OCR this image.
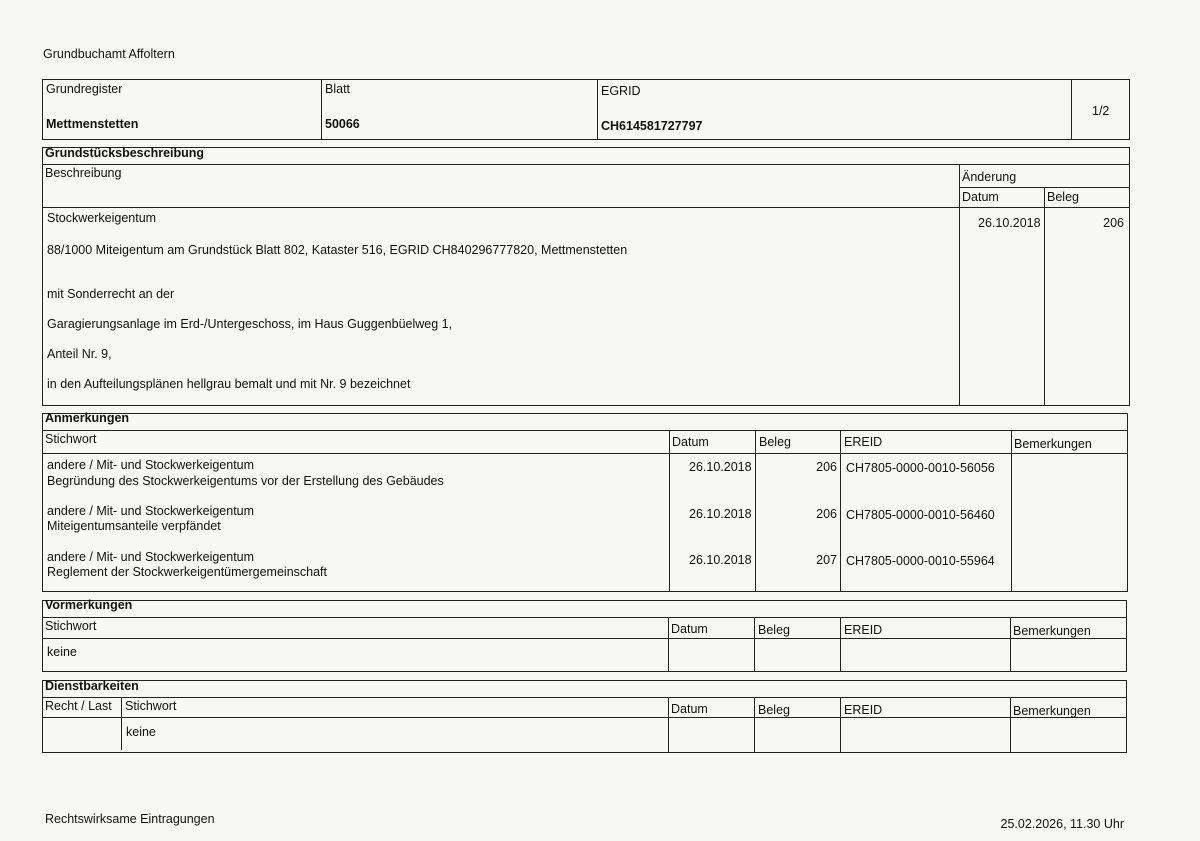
Grundbuchamt Affoltern
Grundregister
Mettmenstetten
Blatt
50066
EGRID
CH614581727797
1/2
Grundstücksbeschreibung
Beschreibung	Änderung
Datum	Beleg
Stockwerkeigentum
88/1000 Miteigentum am Grundstück Blatt 802, Kataster 516, EGRID CH840296777820, Mettmenstetten
mit Sonderrecht an der
Garagierungsanlage im Erd-/Untergeschoss, im Haus Guggenbüelweg 1,
Anteil Nr. 9,
in den Aufteilungsplänen hellgrau bemalt und mit Nr. 9 bezeichnet
26.10.2018	206
Anmerkungen
Stichwort	Datum	Beleg	EREID	Bemerkungen
andere / Mit- und Stockwerkeigentum
Begründung des Stockwerkeigentums vor der Erstellung des Gebäudes
26.10.2018	206 CH7805-0000-0010-56056
andere / Mit- und Stockwerkeigentum
Miteigentumsanteile verpfändet
26.10.2018	206 CH7805-0000-0010-56460
andere / Mit- und Stockwerkeigentum
Reglement der Stockwerkeigentümergemeinschaft
26.10.2018	207 CH7805-0000-0010-55964
Vormerkungen
Stichwort	Datum	Beleg	EREID	Bemerkungen
keine
Dienstbarkeiten
Recht / Last Stichwort	Datum	Beleg	EREID	Bemerkungen
keine
Rechtswirksame Eintragungen	25.02.2026, 11.30 Uhr
